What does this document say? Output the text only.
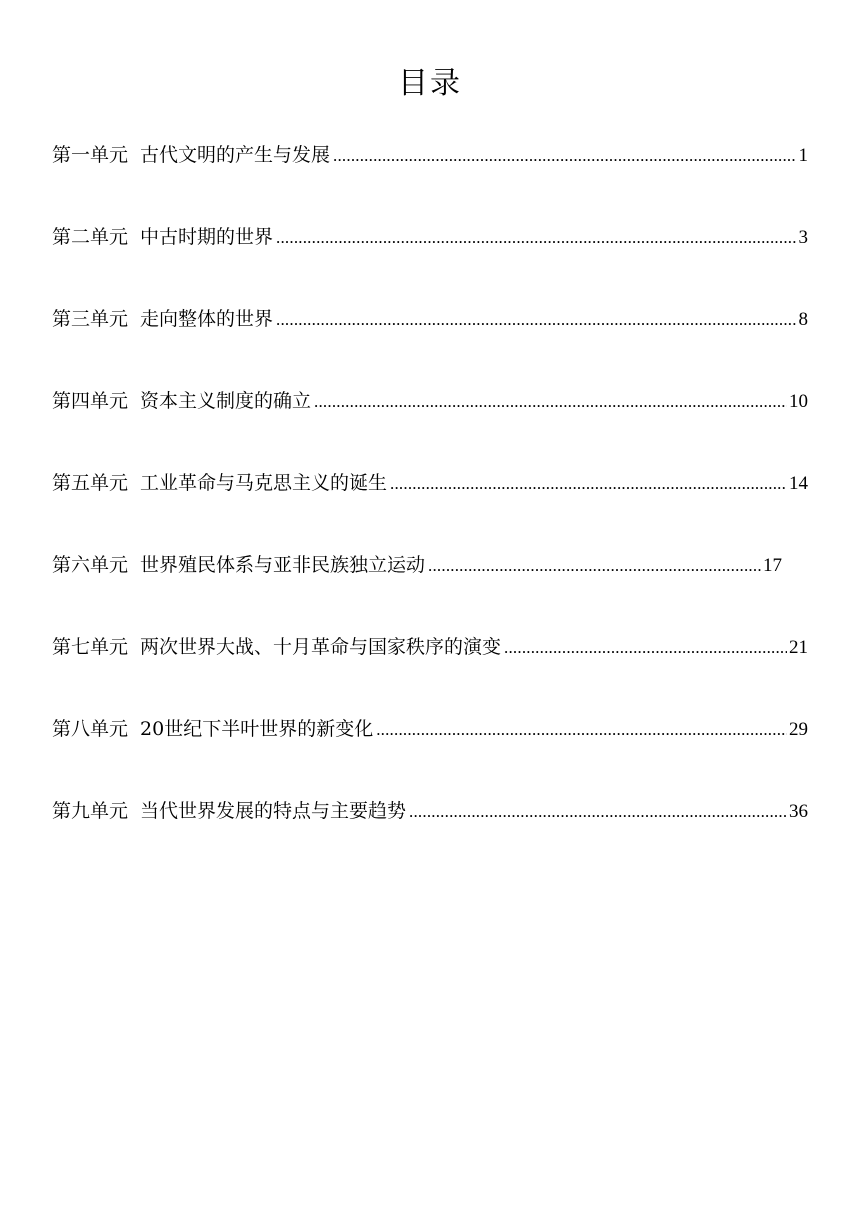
目录
第一单元 古代文明的产生与发展 .....	1
第二单元 中古时期的世界 .....	3
第三单元 走向整体的世界 .....	8
第四单元 资本主义制度的确立 .....	10
第五单元 工业革命与马克思主义的诞生 .....	14
第六单元 世界殖民体系与亚非民族独立运动 .....	17
第七单元 两次世界大战、十月革命与国家秩序的演变 .....	21
第八单元 20世纪下半叶世界的新变化 .....	29
第九单元 当代世界发展的特点与主要趋势 .....	36
